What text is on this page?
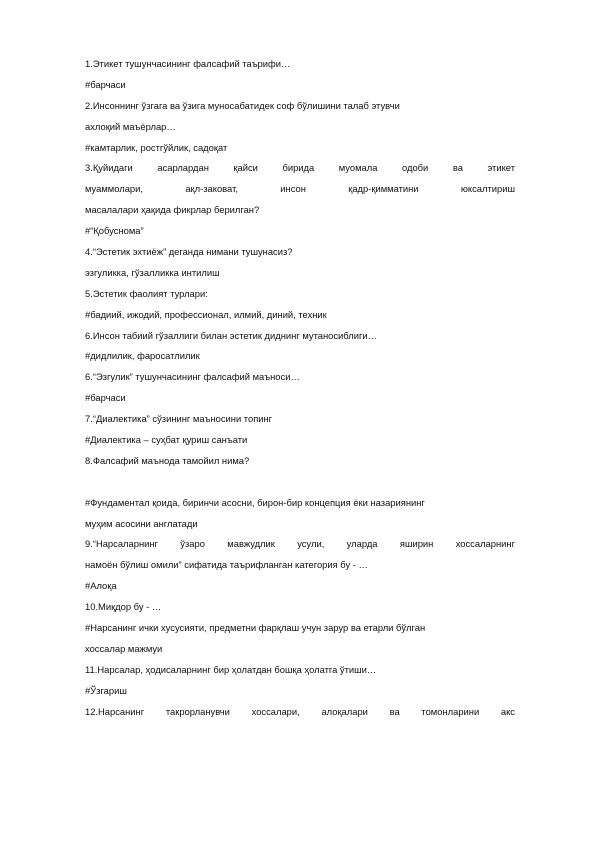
1.Этикет тушунчасининг фалсафий таърифи…
#барчаси
2.Инсоннинг ўзгага ва ўзига муносабатидек соф бўлишини талаб этувчи
ахлоқий маъёрлар…
#камтарлик, ростгўйлик, садоқат
3.Қуйидаги асарлардан қайси бирида муомала одоби ва этикет
муаммолари, ақл-заковат, инсон қадр-қимматини юксалтириш
масалалари ҳақида фикрлар берилган?
#“Қобуснома”
4.“Эстетик эхтиёж” деганда нимани тушунасиз?
эзгуликка, гўзалликка интилиш
5.Эстетик фаолият турлари:
#бадиий, ижодий, профессионал, илмий, диний, техник
6.Инсон табиий гўзаллиги билан эстетик диднинг мутаносиблиги…
#дидлилик, фаросатлилик
6.“Эзгулик” тушунчасининг фалсафий маъноси…
#барчаси
7.“Диалектика” сўзининг маъносини топинг
#Диалектика – суҳбат қуриш санъати
8.Фалсафий маънода тамойил нима?
#Фундаментал қоида, биринчи асосни, бирон-бир концепция ёки назариянинг
муҳим асосини англатади
9.“Нарсаларнинг ўзаро мавжудлик усули, уларда яширин хоссаларнинг
намоён бўлиш омили” сифатида таърифланган категория бу - …
#Алоқа
10.Миқдор бу - …
#Нарсанинг ички хусусияти, предметни фарқлаш учун зарур ва етарли бўлган
хоссалар мажмуи
11.Нарсалар, ҳодисаларнинг бир ҳолатдан бошқа ҳолатга ўтиши…
#Ўзгариш
12.Нарсанинг такрорланувчи хоссалари, алоқалари ва томонларини акс
